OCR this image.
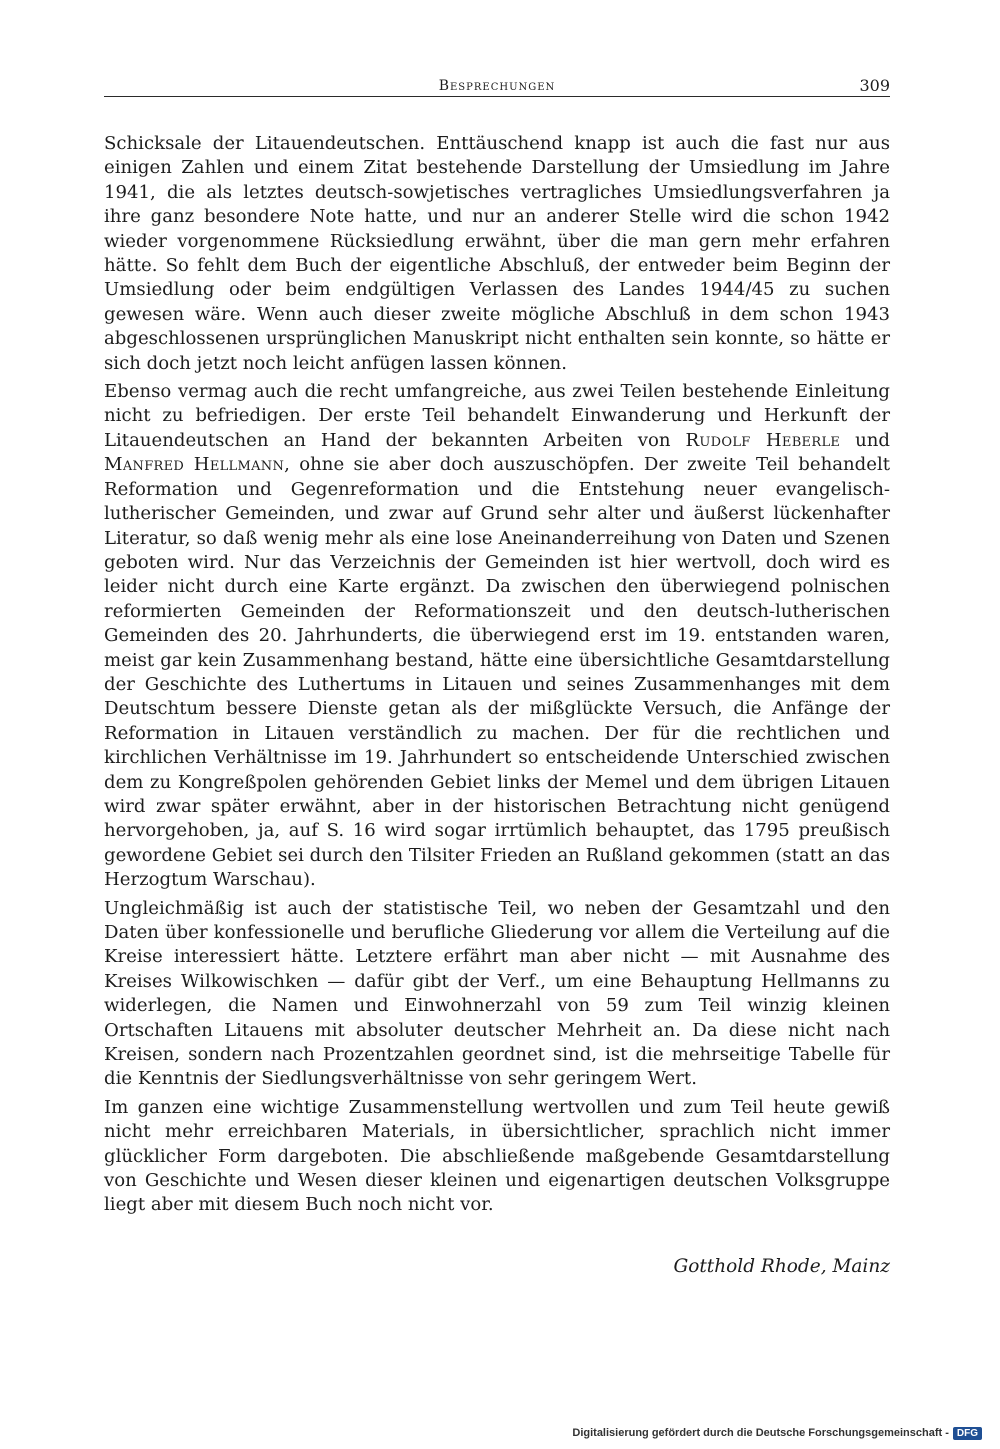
Besprechungen	309

Schicksale der Litauendeutschen. Enttäuschend knapp ist auch die fast nur aus einigen Zahlen und einem Zitat bestehende Darstellung der Umsiedlung im Jahre 1941, die als letztes deutsch-sowjetisches vertragliches Umsiedlungsverfahren ja ihre ganz besondere Note hatte, und nur an anderer Stelle wird die schon 1942 wieder vorgenommene Rücksiedlung erwähnt, über die man gern mehr erfahren hätte. So fehlt dem Buch der eigentliche Abschluß, der entweder beim Beginn der Umsiedlung oder beim endgültigen Verlassen des Landes 1944/45 zu suchen gewesen wäre. Wenn auch dieser zweite mögliche Abschluß in dem schon 1943 abgeschlossenen ursprünglichen Manuskript nicht enthalten sein konnte, so hätte er sich doch jetzt noch leicht anfügen lassen können.

Ebenso vermag auch die recht umfangreiche, aus zwei Teilen bestehende Einleitung nicht zu befriedigen. Der erste Teil behandelt Einwanderung und Herkunft der Litauendeutschen an Hand der bekannten Arbeiten von Rudolf Heberle und Manfred Hellmann, ohne sie aber doch auszuschöpfen. Der zweite Teil behandelt Reformation und Gegenreformation und die Entstehung neuer evangelisch-lutherischer Gemeinden, und zwar auf Grund sehr alter und äußerst lückenhafter Literatur, so daß wenig mehr als eine lose Aneinanderreihung von Daten und Szenen geboten wird. Nur das Verzeichnis der Gemeinden ist hier wertvoll, doch wird es leider nicht durch eine Karte ergänzt. Da zwischen den überwiegend polnischen reformierten Gemeinden der Reformationszeit und den deutsch-lutherischen Gemeinden des 20. Jahrhunderts, die überwiegend erst im 19. entstanden waren, meist gar kein Zusammenhang bestand, hätte eine übersichtliche Gesamtdarstellung der Geschichte des Luthertums in Litauen und seines Zusammenhanges mit dem Deutschtum bessere Dienste getan als der mißglückte Versuch, die Anfänge der Reformation in Litauen verständlich zu machen. Der für die rechtlichen und kirchlichen Verhältnisse im 19. Jahrhundert so entscheidende Unterschied zwischen dem zu Kongreßpolen gehörenden Gebiet links der Memel und dem übrigen Litauen wird zwar später erwähnt, aber in der historischen Betrachtung nicht genügend hervorgehoben, ja, auf S. 16 wird sogar irrtümlich behauptet, das 1795 preußisch gewordene Gebiet sei durch den Tilsiter Frieden an Rußland gekommen (statt an das Herzogtum Warschau).

Ungleichmäßig ist auch der statistische Teil, wo neben der Gesamtzahl und den Daten über konfessionelle und berufliche Gliederung vor allem die Verteilung auf die Kreise interessiert hätte. Letztere erfährt man aber nicht — mit Ausnahme des Kreises Wilkowischken — dafür gibt der Verf., um eine Behauptung Hellmanns zu widerlegen, die Namen und Einwohnerzahl von 59 zum Teil winzig kleinen Ortschaften Litauens mit absoluter deutscher Mehrheit an. Da diese nicht nach Kreisen, sondern nach Prozentzahlen geordnet sind, ist die mehrseitige Tabelle für die Kenntnis der Siedlungsverhältnisse von sehr geringem Wert.

Im ganzen eine wichtige Zusammenstellung wertvollen und zum Teil heute gewiß nicht mehr erreichbaren Materials, in übersichtlicher, sprachlich nicht immer glücklicher Form dargeboten. Die abschließende maßgebende Gesamtdarstellung von Geschichte und Wesen dieser kleinen und eigenartigen deutschen Volksgruppe liegt aber mit diesem Buch noch nicht vor.

Gotthold Rhode, Mainz
Digitalisierung gefördert durch die Deutsche Forschungsgemeinschaft - DFG
